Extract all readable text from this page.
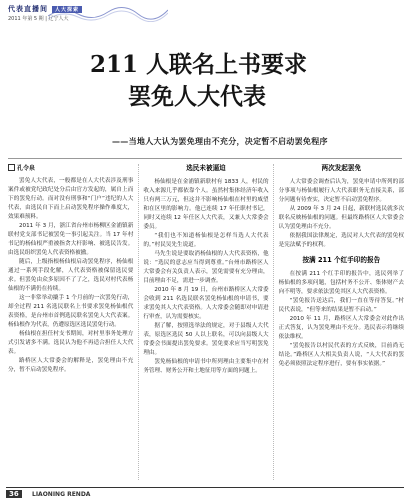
代表直播间 人大探索
2011 年第 5 期 | 辽宁人大
211 人联名上书要求
罢免人大代表
——当地人大认为罢免理由不充分，决定暂不启动罢免程序

孔令泉

罢免人大代表，一般都是在人大代表涉及刑事案件或被党纪政纪处分后由官方发起的，属自上而下的罢免行动。而对没有刑事和“门户”违纪的人大代表，由选民自下而上启动罢免程序操作难度大，效果难预料。

2011 年 3 月，浙江省台州市杨柳区金浦镇新联村党支部书记被罢免一事引起关注。当 17 年村书记的杨仙根严重被指贪大杆影响、被选民告发。由选民组织罢免人代表资格被撤。

随后，上级指根杨仙根启动罢免程序，杨仙根通过一系列手段化解，人代表资格被保留选民要求。但罢免由众多原因不了了之，选民对村代表杨仙根的不满仍在持续。

这一非常举动撬手 1 个月前的一次罢免行动，却全过程 211 名选民联名上书要求罢免杨仙根代表资格，是台州市首例选民联名罢免人大代表案。杨仙根作为代表，仍遭原选区选民罢免行动。

杨仙根在担任村支书期间，对村里事务处理方式引发诸多不满。选民认为他不再适合担任人大代表。

路桥区人大常委会的解释是，罢免理由不充分，暂不启动罢免程序。

选民未被逼迫

杨仙根是在金浦镇新联村有 1833 人，村民的收入来源几乎都依靠个人。虽然村集体经济年收入只有两三万元，但这并不影响杨仙根在村里的威望和在区里的影响力。他已连续 17 年任职村书记，同时又连续 12 年任区人大代表，又兼人大常委会委员。

“我们也不知道杨仙根是怎样当选人大代表的。”村民吴先生说道。

马先生说是要取消杨仙根的人大代表资格，他说：“选民的意志应当得到尊重。”台州市路桥区人大常委会有关负责人表示，罢免需要有充分理由，目前理由不足，需进一步调查。

2010 年 8 月 19 日，台州市路桥区人大常委会收到 211 名选民联名罢免杨仙根的申请书，要求罢免其人大代表资格。人大常委会随即对申请进行审查，认为需要核实。

据了解，按照选举法的规定，对于县级人大代表，原选区选民 50 人以上联名，可以向县级人大常委会书面提出罢免要求。罢免要求应当写明罢免理由。

罢免杨仙根的申请书中所列理由主要集中在村务管理、财务公开和土地征用等方面的问题上。

两次发起罢免

人大常委会调查后认为，罢免申请中所列的部分事项与杨仙根履行人大代表职务无直接关系，部分问题有待查实，决定暂不启动罢免程序。

从 2009 年 3 月 24 日起，新联村选民就多次联名反映杨仙根的问题。但最终路桥区人大常委会认为罢免理由不充分。

依据我国法律规定，选民对人大代表的罢免权是宪法赋予的权利。

按满 211 个红手印的报告

在按满 211 个红手印的报告中，选民列举了杨仙根的多项问题，包括村务不公开、集体财产去向不明等，要求依法罢免其区人大代表资格。

“罢免报告送达后，我们一直在等待答复。”村民代表说，“但等来的结果是暂不启动。”

2010 年 11 月，路桥区人大常委会对此作出正式答复，认为罢免理由不充分。选民表示将继续依法维权。

“罢免报告以村民代表的方式反映，目前尚无结论。”路桥区人大相关负责人说，“人大代表的罢免必须依照法定程序进行，要有事实依据。”

36	LIAONING RENDA
